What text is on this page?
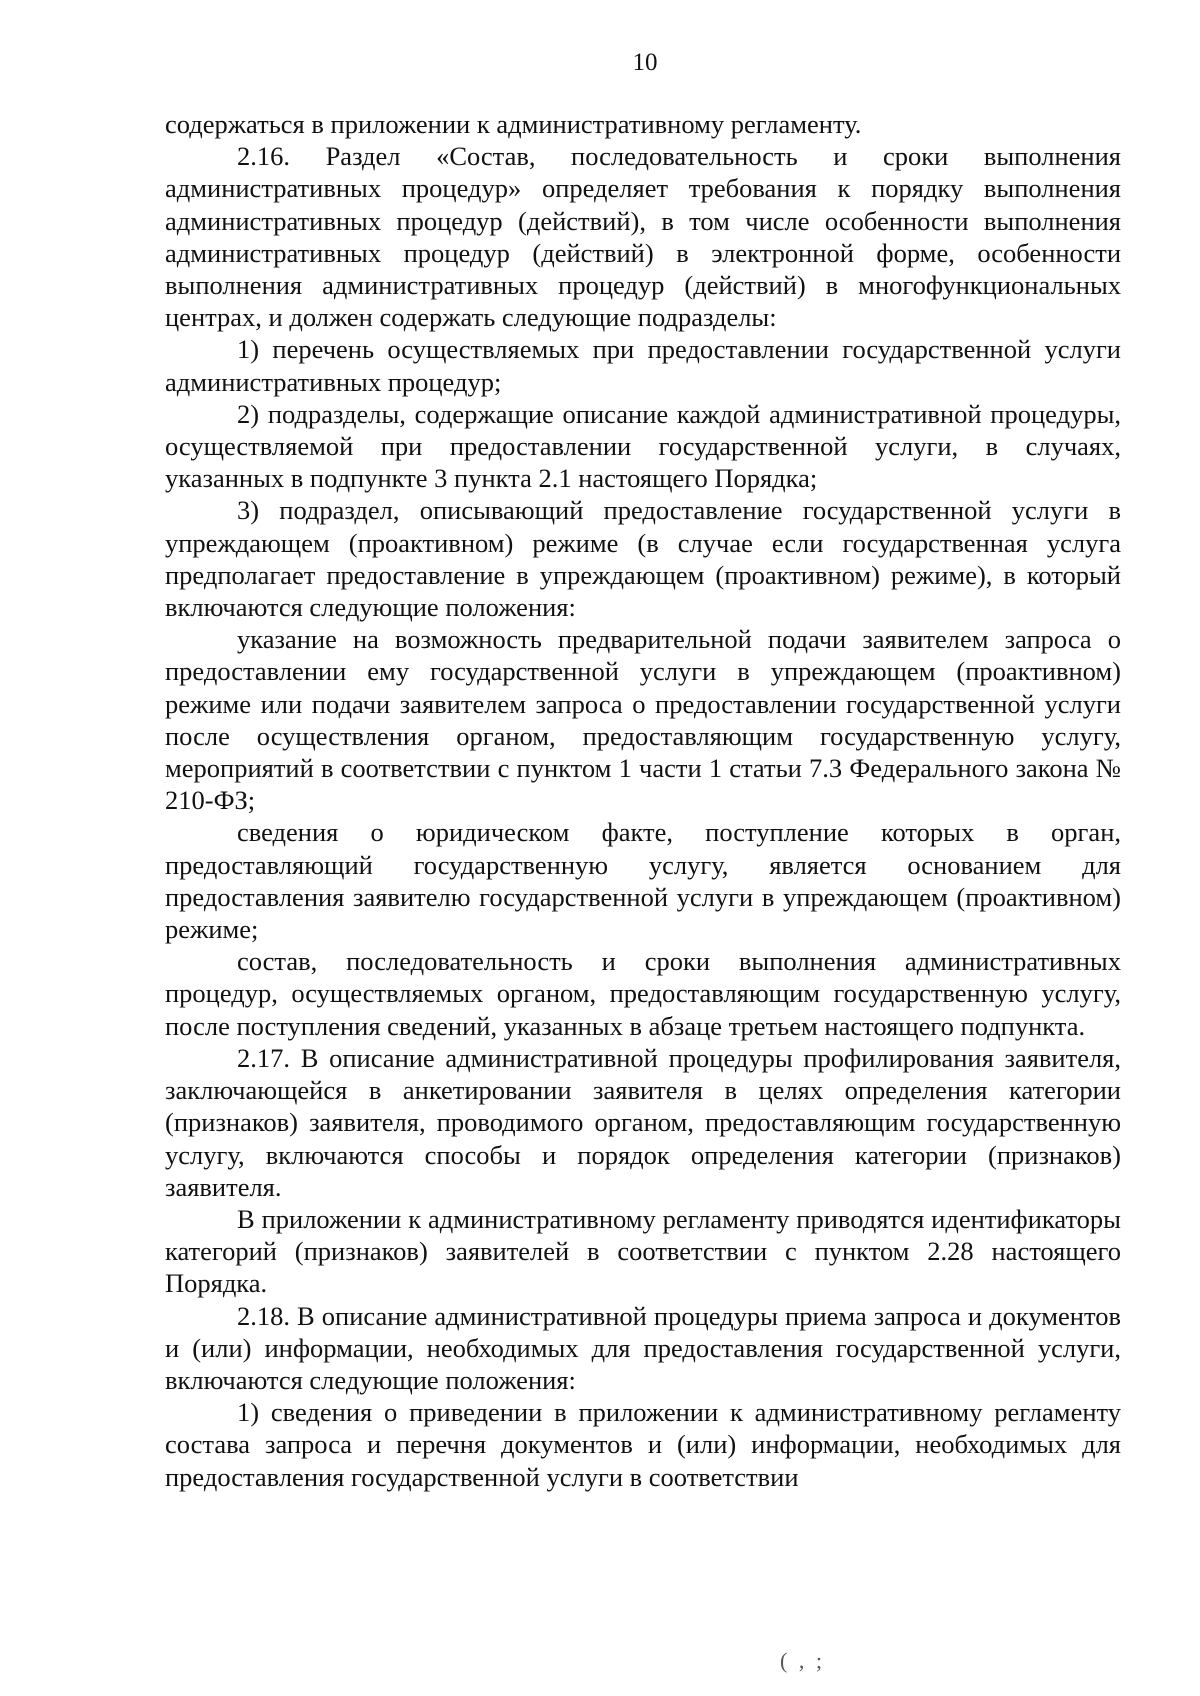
10

содержаться в приложении к административному регламенту.

2.16. Раздел «Состав, последовательность и сроки выполнения административных процедур» определяет требования к порядку выполнения административных процедур (действий), в том числе особенности выполнения административных процедур (действий) в электронной форме, особенности выполнения административных процедур (действий) в многофункциональных центрах, и должен содержать следующие подразделы:

1) перечень осуществляемых при предоставлении государственной услуги административных процедур;

2) подразделы, содержащие описание каждой административной процедуры, осуществляемой при предоставлении государственной услуги, в случаях, указанных в подпункте 3 пункта 2.1 настоящего Порядка;

3) подраздел, описывающий предоставление государственной услуги в упреждающем (проактивном) режиме (в случае если государственная услуга предполагает предоставление в упреждающем (проактивном) режиме), в который включаются следующие положения:

указание на возможность предварительной подачи заявителем запроса о предоставлении ему государственной услуги в упреждающем (проактивном) режиме или подачи заявителем запроса о предоставлении государственной услуги после осуществления органом, предоставляющим государственную услугу, мероприятий в соответствии с пунктом 1 части 1 статьи 7.3 Федерального закона № 210-ФЗ;

сведения о юридическом факте, поступление которых в орган, предоставляющий государственную услугу, является основанием для предоставления заявителю государственной услуги в упреждающем (проактивном) режиме;

состав, последовательность и сроки выполнения административных процедур, осуществляемых органом, предоставляющим государственную услугу, после поступления сведений, указанных в абзаце третьем настоящего подпункта.

2.17. В описание административной процедуры профилирования заявителя, заключающейся в анкетировании заявителя в целях определения категории (признаков) заявителя, проводимого органом, предоставляющим государственную услугу, включаются способы и порядок определения категории (признаков) заявителя.

В приложении к административному регламенту приводятся идентификаторы категорий (признаков) заявителей в соответствии с пунктом 2.28 настоящего Порядка.

2.18. В описание административной процедуры приема запроса и документов и (или) информации, необходимых для предоставления государственной услуги, включаются следующие положения:

1) сведения о приведении в приложении к административному регламенту состава запроса и перечня документов и (или) информации, необходимых для предоставления государственной услуги в соответствии

( , ;
